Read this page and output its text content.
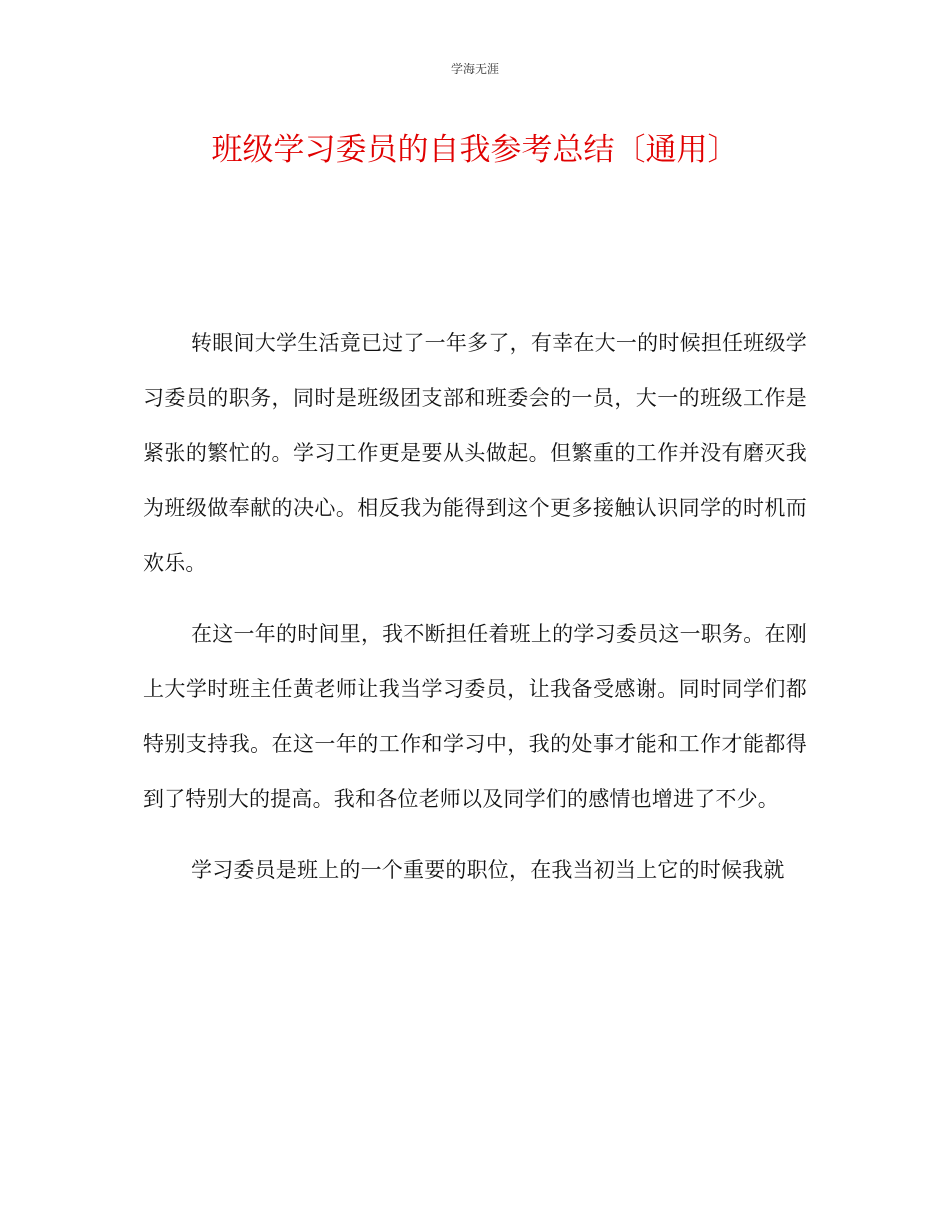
学海无涯
班级学习委员的自我参考总结〔通用〕

转眼间大学生活竟已过了一年多了，有幸在大一的时候担任班级学习委员的职务，同时是班级团支部和班委会的一员，大一的班级工作是紧张的繁忙的。学习工作更是要从头做起。但繁重的工作并没有磨灭我为班级做奉献的决心。相反我为能得到这个更多接触认识同学的时机而欢乐。

在这一年的时间里，我不断担任着班上的学习委员这一职务。在刚上大学时班主任黄老师让我当学习委员，让我备受感谢。同时同学们都特别支持我。在这一年的工作和学习中，我的处事才能和工作才能都得到了特别大的提高。我和各位老师以及同学们的感情也增进了不少。

学习委员是班上的一个重要的职位，在我当初当上它的时候我就
